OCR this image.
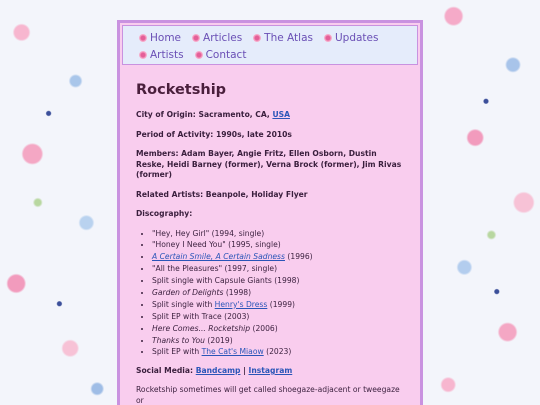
Home Articles The Atlas Updates
Artists Contact
Rocketship
City of Origin: Sacramento, CA, USA
Period of Activity: 1990s, late 2010s
Members: Adam Bayer, Angie Fritz, Ellen Osborn, Dustin Reske, Heidi Barney (former), Verna Brock (former), Jim Rivas (former)
Related Artists: Beanpole, Holiday Flyer
Discography:
• "Hey, Hey Girl" (1994, single)
• "Honey I Need You" (1995, single)
• A Certain Smile, A Certain Sadness (1996)
• "All the Pleasures" (1997, single)
• Split single with Capsule Giants (1998)
• Garden of Delights (1998)
• Split single with Henry's Dress (1999)
• Split EP with Trace (2003)
• Here Comes... Rocketship (2006)
• Thanks to You (2019)
• Split EP with The Cat's Miaow (2023)
Social Media: Bandcamp | Instagram
Rocketship sometimes will get called shoegaze-adjacent or tweegaze or
